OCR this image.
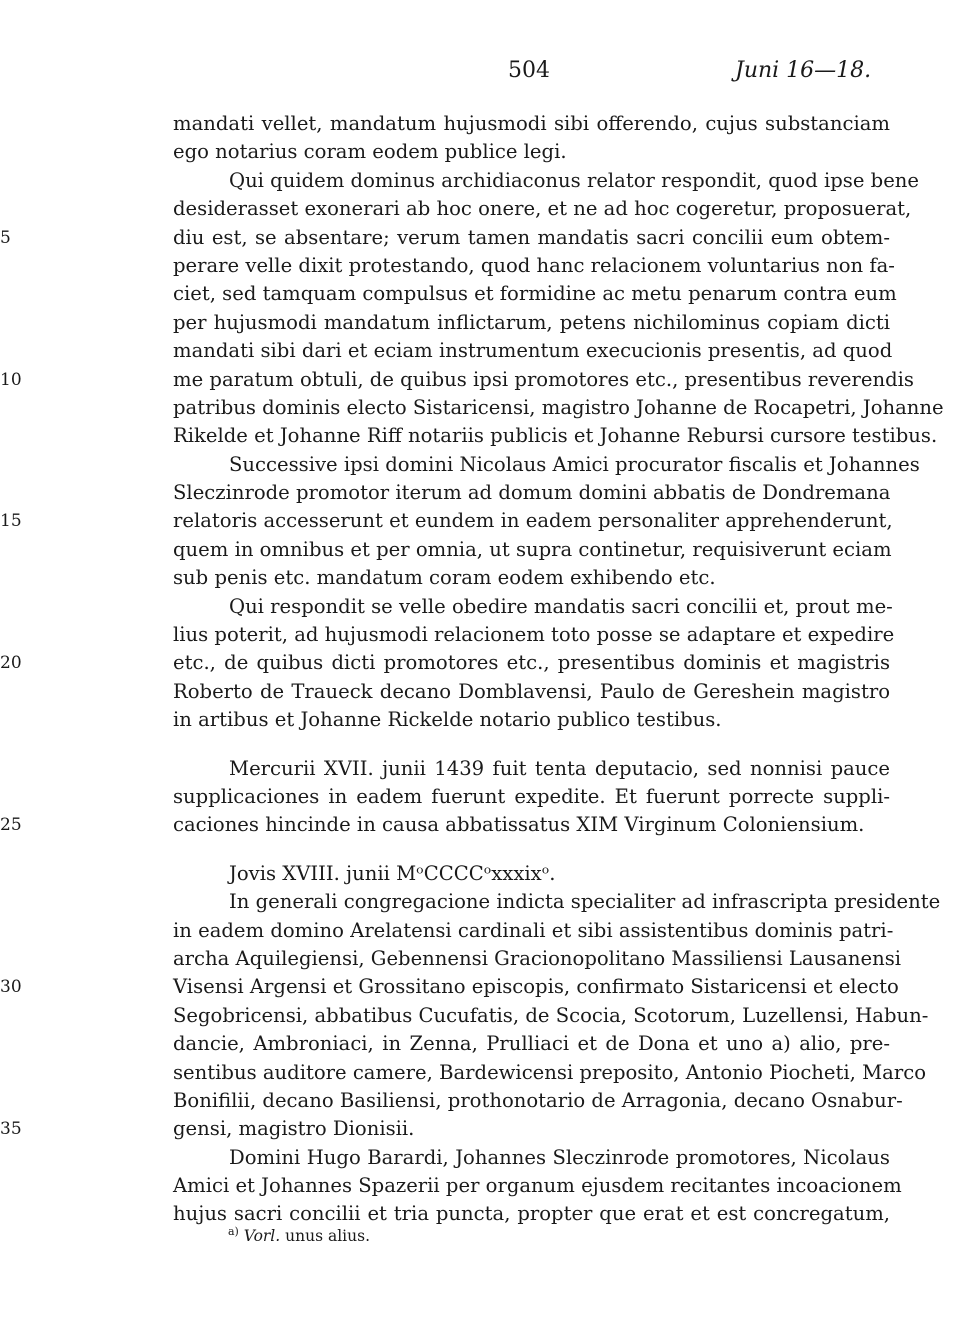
504	Juni 16—18.
mandati vellet, mandatum hujusmodi sibi offerendo, cujus substanciam
ego notarius coram eodem publice legi.
Qui quidem dominus archidiaconus relator respondit, quod ipse bene
desiderasset exonerari ab hoc onere, et ne ad hoc cogeretur, proposuerat,
diu est, se absentare; verum tamen mandatis sacri concilii eum obtem-
5
perare velle dixit protestando, quod hanc relacionem voluntarius non fa-
ciet, sed tamquam compulsus et formidine ac metu penarum contra eum
per hujusmodi mandatum inflictarum, petens nichilominus copiam dicti
mandati sibi dari et eciam instrumentum execucionis presentis, ad quod
me paratum obtuli, de quibus ipsi promotores etc., presentibus reverendis
10
patribus dominis electo Sistaricensi, magistro Johanne de Rocapetri, Johanne
Rikelde et Johanne Riff notariis publicis et Johanne Rebursi cursore testibus.
Successive ipsi domini Nicolaus Amici procurator fiscalis et Johannes
Sleczinrode promotor iterum ad domum domini abbatis de Dondremana
relatoris accesserunt et eundem in eadem personaliter apprehenderunt,
15
quem in omnibus et per omnia, ut supra continetur, requisiverunt eciam
sub penis etc. mandatum coram eodem exhibendo etc.
Qui respondit se velle obedire mandatis sacri concilii et, prout me-
lius poterit, ad hujusmodi relacionem toto posse se adaptare et expedire
etc., de quibus dicti promotores etc., presentibus dominis et magistris
20
Roberto de Traueck decano Domblavensi, Paulo de Gereshein magistro
in artibus et Johanne Rickelde notario publico testibus.
Mercurii XVII. junii 1439 fuit tenta deputacio, sed nonnisi pauce
supplicaciones in eadem fuerunt expedite. Et fuerunt porrecte suppli-
caciones hincinde in causa abbatissatus XIM Virginum Coloniensium.
25
Jovis XVIII. junii MᵒCCCCᵒxxxixᵒ.
In generali congregacione indicta specialiter ad infrascripta presidente
in eadem domino Arelatensi cardinali et sibi assistentibus dominis patri-
archa Aquilegiensi, Gebennensi Gracionopolitano Massiliensi Lausanensi
Visensi Argensi et Grossitano episcopis, confirmato Sistaricensi et electo
30
Segobricensi, abbatibus Cucufatis, de Scocia, Scotorum, Luzellensi, Habun-
dancie, Ambroniaci, in Zenna, Prulliaci et de Dona et uno a) alio, pre-
sentibus auditore camere, Bardewicensi preposito, Antonio Piocheti, Marco
Bonifilii, decano Basiliensi, prothonotario de Arragonia, decano Osnabur-
gensi, magistro Dionisii.
35
Domini Hugo Barardi, Johannes Sleczinrode promotores, Nicolaus
Amici et Johannes Spazerii per organum ejusdem recitantes incoacionem
hujus sacri concilii et tria puncta, propter que erat et est concregatum,
$^{a)}$ Vorl. unus alius.
